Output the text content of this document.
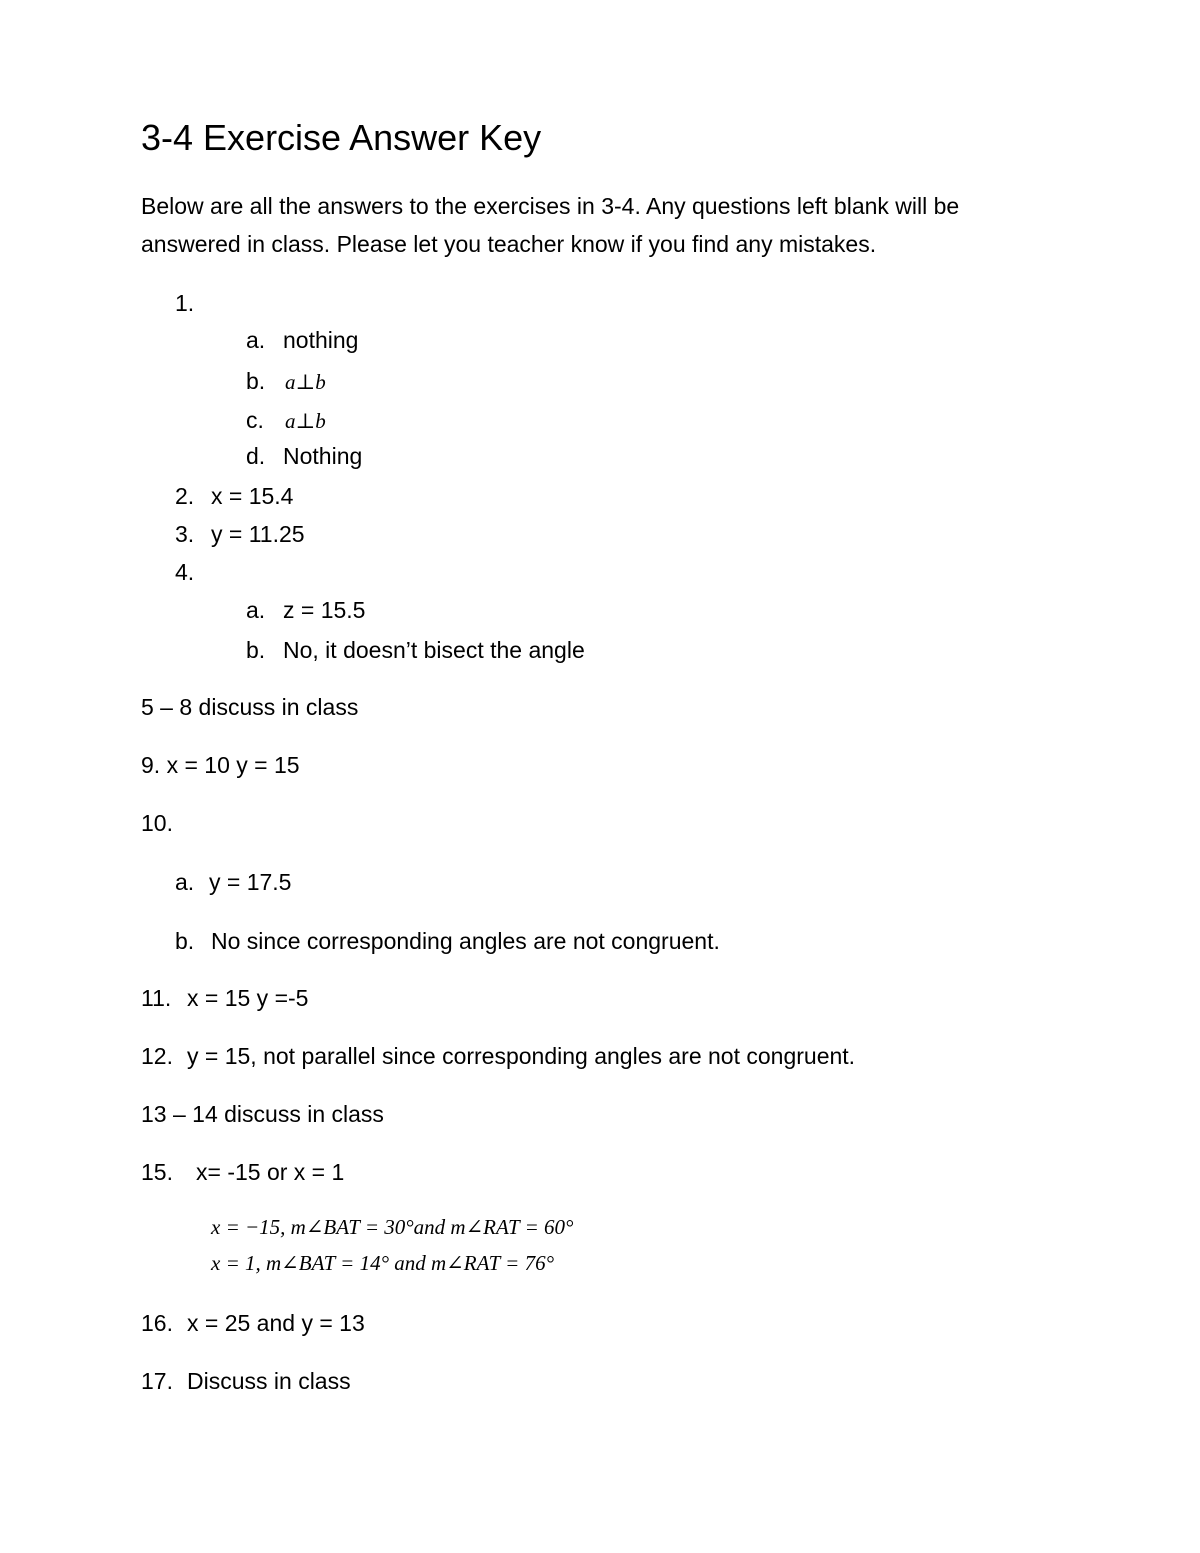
3-4 Exercise Answer Key
Below are all the answers to the exercises in 3-4. Any questions left blank will be
answered in class. Please let you teacher know if you find any mistakes.
1.
a. nothing
b. a⊥b
c. a⊥b
d. Nothing
2. x = 15.4
3. y = 11.25
4.
a. z = 15.5
b. No, it doesn’t bisect the angle
5 – 8 discuss in class
9. x = 10 y = 15
10.
a. y = 17.5
b. No since corresponding angles are not congruent.
11. x = 15 y =-5
12. y = 15, not parallel since corresponding angles are not congruent.
13 – 14 discuss in class
15. x= -15 or x = 1
x = −15, m∠BAT = 30°and m∠RAT = 60°
x = 1, m∠BAT = 14° and m∠RAT = 76°
16. x = 25 and y = 13
17. Discuss in class
